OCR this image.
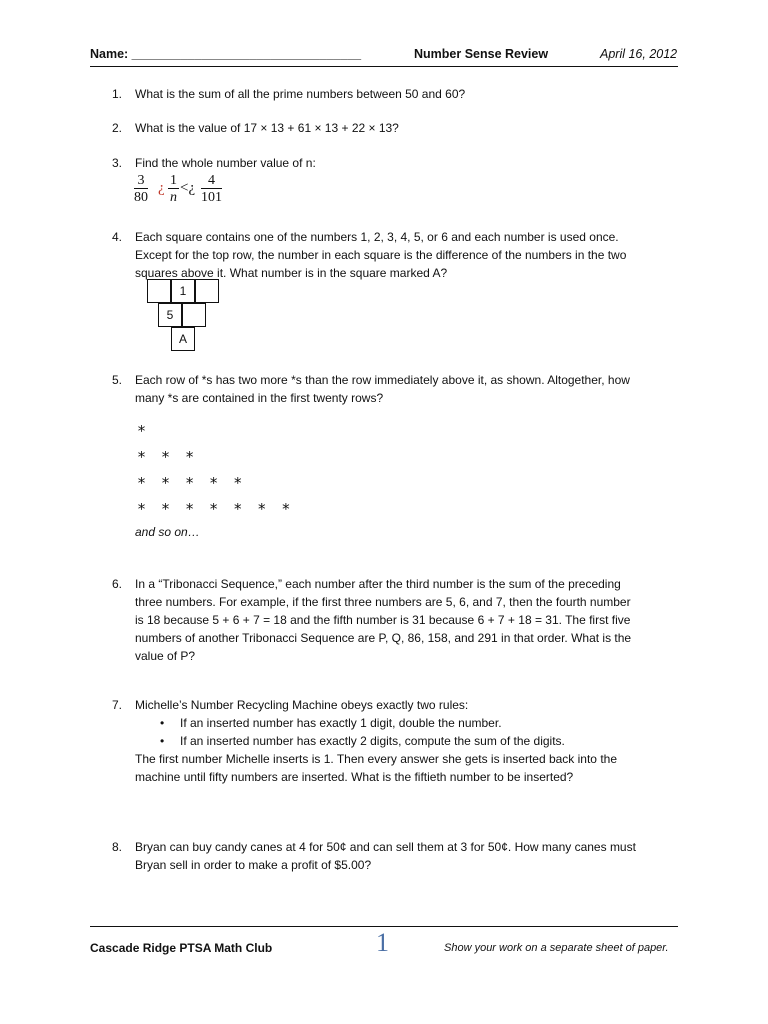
Name: _________________________________	Number Sense Review	April 16, 2012
1. What is the sum of all the prime numbers between 50 and 60?
2. What is the value of 17 × 13 + 61 × 13 + 22 × 13?
3. Find the whole number value of n:
$\frac{3}{80}$ ¿ $\frac{1}{n}$ <¿ $\frac{4}{101}$
4. Each square contains one of the numbers 1, 2, 3, 4, 5, or 6 and each number is used once.
Except for the top row, the number in each square is the difference of the numbers in the two
squares above it. What number is in the square marked A?
1
5
A
5. Each row of *s has two more *s than the row immediately above it, as shown. Altogether, how
many *s are contained in the first twenty rows?
*
* * *
* * * * *
* * * * * * *
and so on…
6. In a “Tribonacci Sequence,” each number after the third number is the sum of the preceding
three numbers. For example, if the first three numbers are 5, 6, and 7, then the fourth number
is 18 because 5 + 6 + 7 = 18 and the fifth number is 31 because 6 + 7 + 18 = 31. The first five
numbers of another Tribonacci Sequence are P, Q, 86, 158, and 291 in that order. What is the
value of P?
7. Michelle’s Number Recycling Machine obeys exactly two rules:
• If an inserted number has exactly 1 digit, double the number.
• If an inserted number has exactly 2 digits, compute the sum of the digits.
The first number Michelle inserts is 1. Then every answer she gets is inserted back into the
machine until fifty numbers are inserted. What is the fiftieth number to be inserted?
8. Bryan can buy candy canes at 4 for 50¢ and can sell them at 3 for 50¢. How many canes must
Bryan sell in order to make a profit of $5.00?
Cascade Ridge PTSA Math Club	1	Show your work on a separate sheet of paper.
